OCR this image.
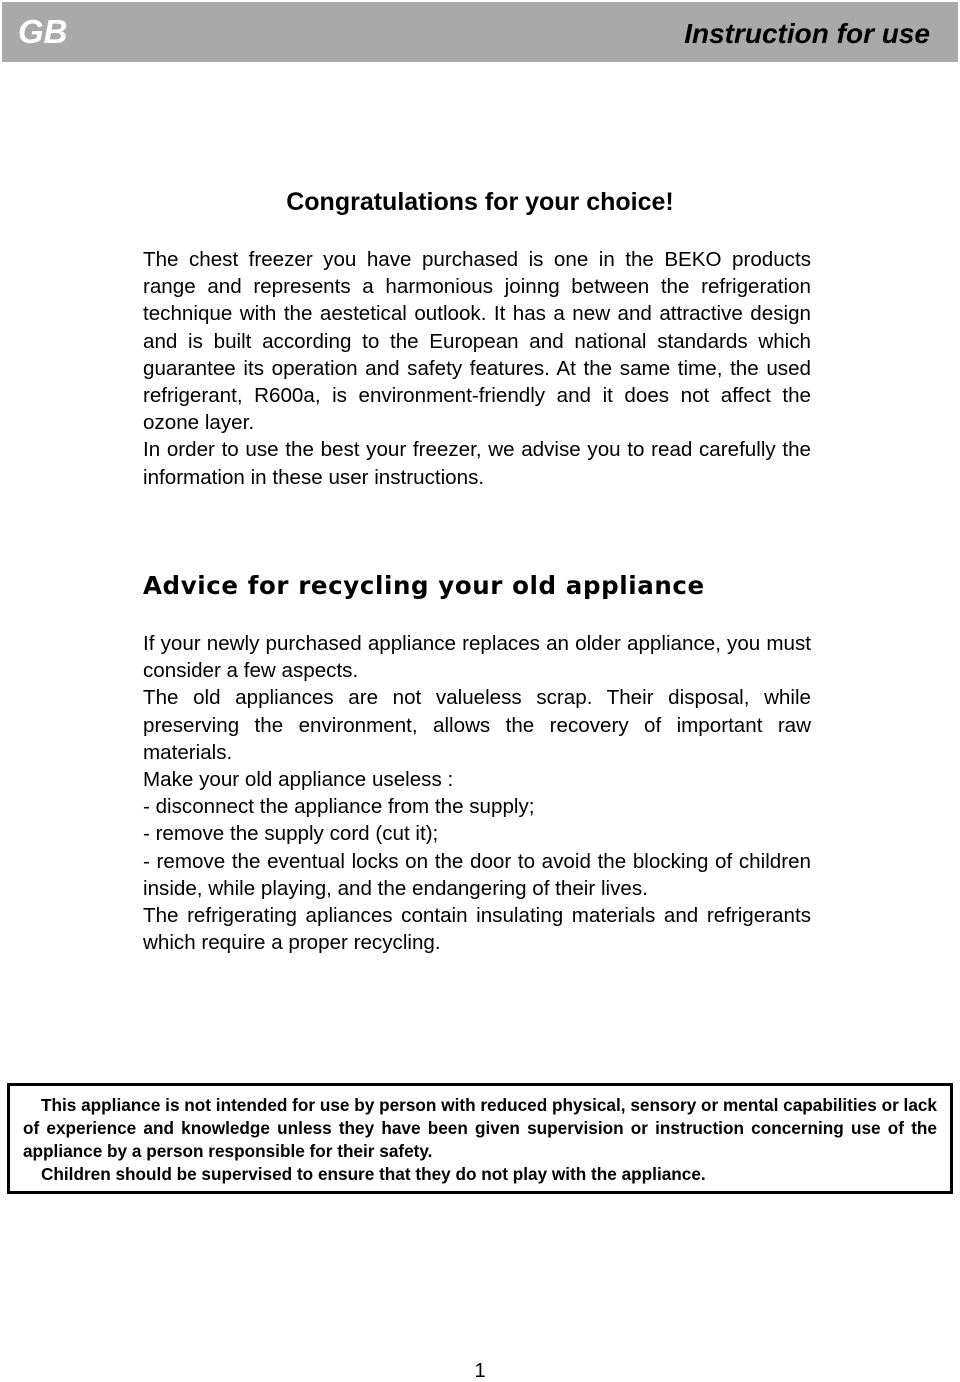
GB	Instruction for use
Congratulations for your choice!

The chest freezer you have purchased is one in the BEKO products range and represents a harmonious joinng between the refrigeration technique with the aestetical outlook. It has a new and attractive design and is built according to the European and national standards which guarantee its operation and safety features. At the same time, the used refrigerant, R600a, is environment-friendly and it does not affect the ozone layer.

In order to use the best your freezer, we advise you to read carefully the information in these user instructions.

Advice for recycling your old appliance

If your newly purchased appliance replaces an older appliance, you must consider a few aspects.

The old appliances are not valueless scrap. Their disposal, while preserving the environment, allows the recovery of important raw materials.

Make your old appliance useless :

- disconnect the appliance from the supply;

- remove the supply cord (cut it);

- remove the eventual locks on the door to avoid the blocking of children inside, while playing, and the endangering of their lives.

The refrigerating apliances contain insulating materials and refrigerants which require a proper recycling.

This appliance is not intended for use by person with reduced physical, sensory or mental capabilities or lack of experience and knowledge unless they have been given supervision or instruction concerning use of the appliance by a person responsible for their safety.

Children should be supervised to ensure that they do not play with the appliance.

1
